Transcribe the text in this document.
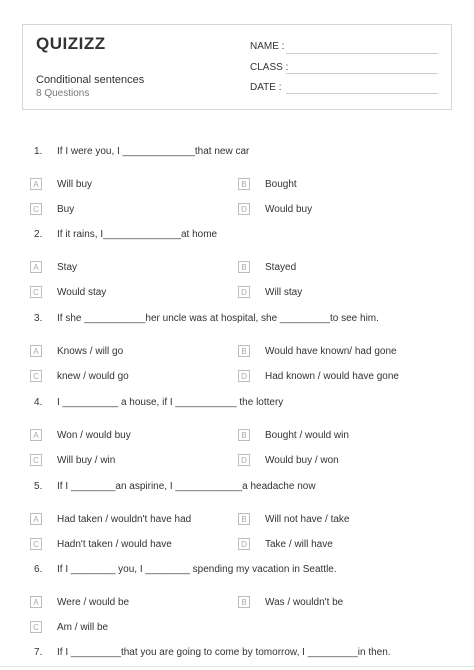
QUIZIZZ
Conditional sentences
8 Questions
NAME :
CLASS :
DATE :
1. If I were you, I _____________that new car
A	Will buy	B	Bought
C	Buy	D	Would buy
2. If it rains, I______________at home
A	Stay	B	Stayed
C	Would stay	D	Will stay
3. If she ___________her uncle was at hospital, she _________to see him.
A	Knows / will go	B	Would have known/ had gone
C	knew / would go	D	Had known / would have gone
4. I __________ a house, if I ___________ the lottery
A	Won / would buy	B	Bought / would win
C	Will buy / win	D	Would buy / won
5. If I ________an aspirine, I ____________a headache now
A	Had taken / wouldn't have had	B	Will not have / take
C	Hadn't taken / would have	D	Take / will have
6. If I ________ you, I ________ spending my vacation in Seattle.
A	Were / would be	B	Was / wouldn't be
C	Am / will be
7. If I _________that you are going to come by tomorrow, I _________in then.
